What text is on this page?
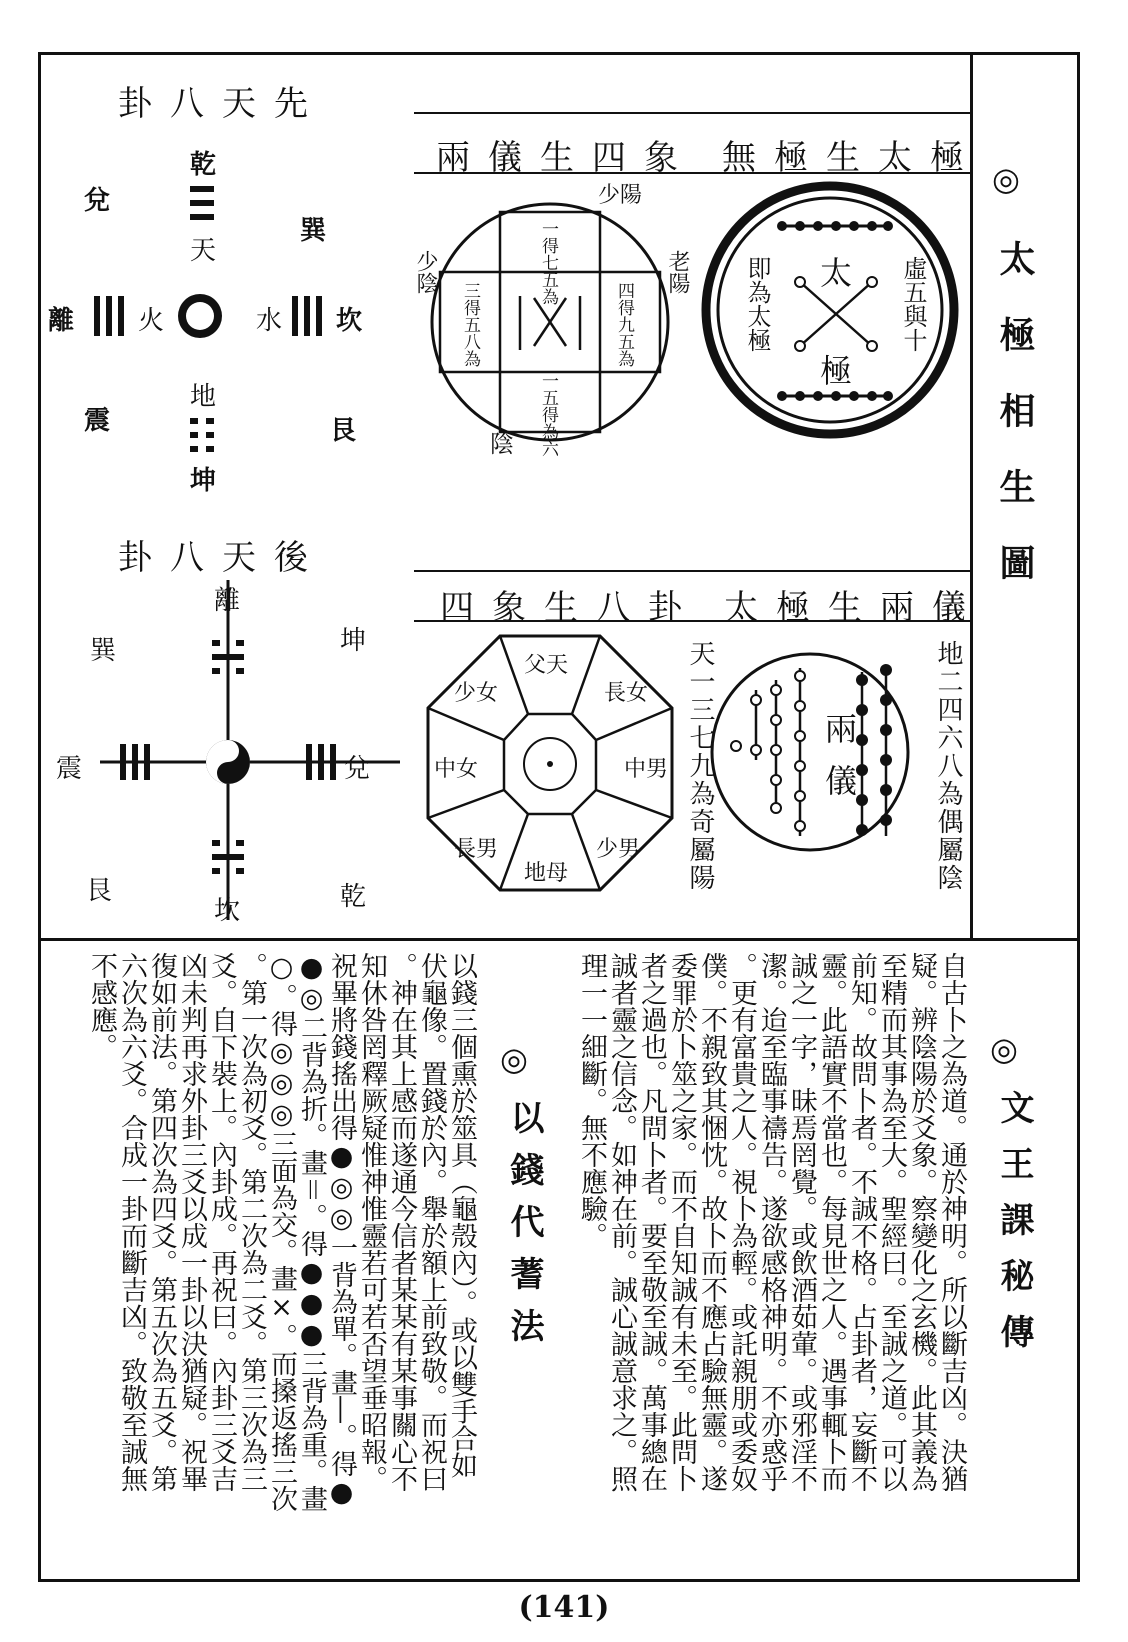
卦八天先
兩儀生四象 無極生太極
卦八天後
四象生八卦 太極生兩儀
◎
太極相生圖
地二四六八為偶屬陰
天一三七九為奇屬陽
太
極
即為太極	虛五與十
兩儀
少陽
老陽
陰
少陰	一得七五為
四得九五為
一五得為六
三得五八為
乾
天
坤
地
離 火	坎
水
兌
巽
震	艮
離
坎
震	兌
艮	乾
巽	坤
父天
少女	長女
中男
少男
地母
長男
中女
◎
文王課秘傳
自古卜之為道。通於神明。所以斷吉凶。決猶
疑。辨陰陽於爻象。察變化之玄機。此其義為
至精而其事為至大。聖經曰。至誠之道。可以
前知。故問卜者。不誠不格。占卦者，妄斷不
靈。此語實不當也。每見世之人。遇事輒卜而
誠之一字，昧焉罔覺。或飲酒茹葷。或邪淫不
潔。迨至臨事禱告。遂欲感格神明。不亦惑乎
。更有富貴之人。視卜為輕。或託親朋或委奴
僕。不親致其悃忱。故卜而不應占驗無靈。遂
委罪於卜筮之家。而不自知誠有未至。此問卜
者之過也。凡問卜者。要至敬至誠。萬事總在
誠者靈之信念。如神在前。誠心誠意求之。照
理一一細斷。無不應驗。
◎
以錢代蓍法
以錢三個熏於筮具（龜殼內）。或以雙手合如
伏龜像。置錢於內。舉於額上前致敬。而祝曰
。神在其上感而遂通今信者某某有某事關心不
知休咎罔釋厥疑惟神惟靈若可若否望垂昭報。
祝畢將錢搖出得●◎◎一背為單。畫―。得●
●◎二背為折。畫＝。得●●●三背為重。畫
○。得◎◎◎三面為交。畫×。而搡返搖三次
。第一次為初爻。第二次為二爻。第三次為三
爻。自下裝上。內卦成。再祝曰。內卦三爻吉
凶未判再求外卦三爻以成一卦以決猶疑。祝畢
復如前法。第四次為四爻。第五次為五爻。第
六次為六爻。合成一卦而斷吉凶。致敬至誠無
不感應。
(141)
